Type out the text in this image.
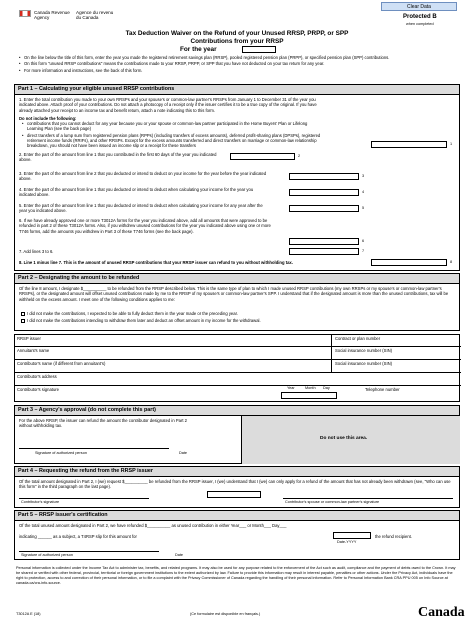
Canada Revenue
Agency
Agence du revenu
du Canada
Clear Data
Protected B
when completed
Tax Deduction Waiver on the Refund of your Unused RRSP, PRPP, or SPP
Contributions from your RRSP
For the year
• On the line below the title of this form, enter the year you made the registered retirement savings plan (RRSP), pooled registered pension plan (PRPP), or specified pension plan (SPP) contributions.
• On this form "unused RRSP contributions" means the contributions made to your RRSP, PRPP, or SPP that you have not deducted on your tax return for any year.
• For more information and instructions, see the back of this form.
Part 1 – Calculating your eligible unused RRSP contributions
1. Enter the total contribution you made to your own RRSPs and your spouse's or common-law partner's RRSPs from January 1 to December 31 of the year you indicated above. Attach proof of your contributions. Do not attach a photocopy of a receipt only if the issuer certifies it to be a true copy of the original. If you have already attached your receipt to an income tax and benefit return, attach a note indicating this to this form.
Do not include the following:
• contributions that you cannot deduct for any year because you or your spouse or common-law partner participated in the Home Buyers' Plan or Lifelong Learning Plan (see the back page)
• direct transfers of a lump sum from registered pension plans (RPPs) (including transfers of excess amounts), deferred profit-sharing plans (DPSPs), registered retirement income funds (RRIFs), and other RRSPs. Except for the excess amounts transferred and direct transfers on marriage or common-law relationship breakdown, you should not have been issued an income slip or a receipt for these transfers	1
2. Enter the part of the amount from line 1 that you contributed in the first 60 days of the year you indicated above.
2
3. Enter the part of the amount from line 2 that you deducted or intend to deduct on your income for the year before the year indicated above.
3
4. Enter the part of the amount from line 1 that you deducted or intend to deduct when calculating your income for the year you indicated above.
4
5. Enter the part of the amount from line 1 that you deducted or intend to deduct when calculating your income for any year after the year you indicated above.
5
6. If we have already approved one or more T3012A forms for the year you indicated above, add all amounts that were approved to be refunded in part 2 of these T3012A forms. Also, if you withdrew unused contributions for the year you indicated above using one or more T746 forms, add the amounts you withdrew in Part 3 of these T746 forms (see the back page).
6
7. Add lines 3 to 6.	7
8. Line 1 minus line 7. This is the amount of unused RRSP contributions that your RRSP issuer can refund to you without withholding tax.	8
Part 2 – Designating the amount to be refunded
Of the line 8 amount, I designate $__________ to be refunded from the RRSP described below. This is the same type of plan to which I made unused RRSP contributions (my own RRSPs or my spouse's or common-law partner's RRSPs), or the designated amount will offset unused contributions made by me to the RRSP of my spouse's or common-law partner's SPP. I understand that if the designated amount is more than the unused contributions, tax will be withheld on the excess amount. I meet one of the following conditions applies to me:
I did not make the contributions, I expected to be able to fully deduct them in the year made or the preceding year.
I did not make the contributions intending to withdraw them later and deduct an offset amount in my income for the withdrawal.
RRSP issuer	Contract or plan number
Annuitant's name	Social insurance number (SIN)
Contributor's name (if different from annuitant's)	Social insurance number (SIN)
Contributor's address
Contributor's signature	Year	Month Day	Telephone number
Part 3 – Agency's approval (do not complete this part)
For the above RRSP, the issuer can refund the amount the contributor designated in Part 2 without withholding tax.
Do not use this area.
Signature of authorized person	Date
Part 4 – Requesting the refund from the RRSP issuer
Of the total amount designated in Part 2, I (we) request $__________ be refunded from the RRSP issuer, I (we) understand that I (we) can only apply for a refund of the amount that has not already been withdrawn (see, "Who can use this form" in the third paragraph on the last page).
Contributor's signature	Contributor's spouse or common-law partner's signature
Part 5 – RRSP issuer's certification
Of the total unused amount designated in Part 2, we have refunded $__________ as unused contribution in either Year___ or Month___ Day___
indicating ______ as a subject, a T4RSP slip for this amount for
Date-YYYY
the refund recipient.
Signature of authorized person	Date
Personal information is collected under the Income Tax Act to administer tax, benefits, and related programs. It may also be used for any purpose related to the enforcement of the Act such as audit, compliance and the payment of debts owed to the Crown. It may be shared or verified with other federal, provincial, territorial or foreign government institutions to the extent authorized by law. Failure to provide this information may result in interest payable, penalties or other actions. Under the Privacy Act, individuals have the right to protection, access to and correction of their personal information, or to file a complaint with the Privacy Commissioner of Canada regarding the handling of their personal information. Refer to Personal Information Bank CRA PPU 005 on Info Source at canada.ca/cra-info-source.
T3012A E (18)	(Ce formulaire est disponible en français.)	Canada
